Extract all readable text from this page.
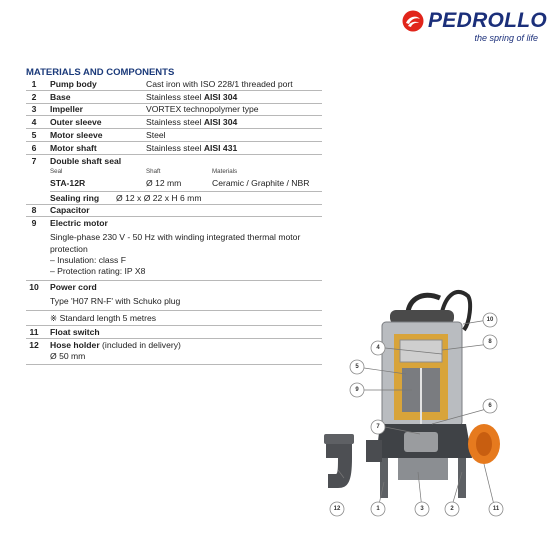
PEDROLLO
the spring of life
MATERIALS AND COMPONENTS
1	Pump body	Cast iron with ISO 228/1 threaded port
2	Base	Stainless steel AISI 304
3	Impeller	VORTEX technopolymer type
4	Outer sleeve	Stainless steel AISI 304
5	Motor sleeve	Steel
6	Motor shaft	Stainless steel AISI 431
7	Double shaft seal
Seal	Shaft	Materials
STA-12R	Ø 12 mm	Ceramic / Graphite / NBR
Sealing ring	Ø 12 x Ø 22 x H 6 mm
8	Capacitor
9	Electric motor
Single-phase 230 V - 50 Hz with winding integrated thermal motor
protection
– Insulation: class F
– Protection rating: IP X8
10	Power cord
Type 'H07 RN-F' with Schuko plug
※ Standard length 5 metres
11	Float switch
12	Hose holder (included in delivery)
Ø 50 mm
10
4
8
5
9
6
7
12	1	3	2	11
